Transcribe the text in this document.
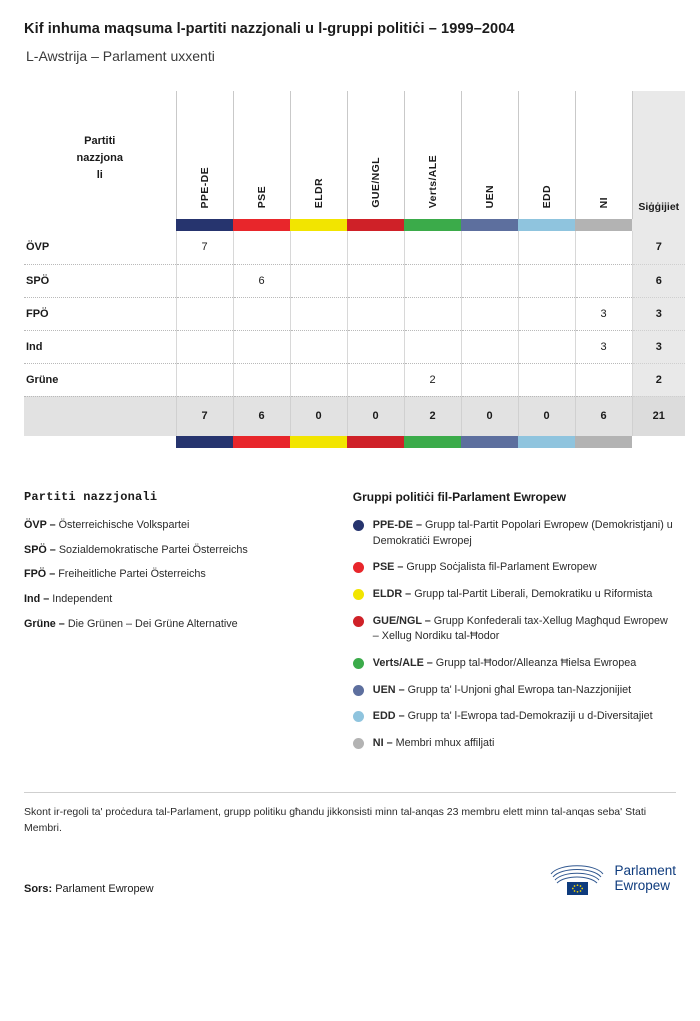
Kif inhuma maqsuma l-partiti nazzjonali u l-gruppi politiċi – 1999–2004
L-Awstrija – Parlament uxxenti
Partiti
nazzjona
li	PPE-DE	PSE	ELDR	GUE/NGL	Verts/ALE	UEN	EDD	NI	Siġġijiet

ÖVP	7								7
SPÖ		6							6
FPÖ								3	3
Ind								3	3
Grüne					2				2
	7	6	0	0	2	0	0	6	21

Partiti nazzjonali
ÖVP – Österreichische Volkspartei
SPÖ – Sozialdemokratische Partei Österreichs
FPÖ – Freiheitliche Partei Österreichs
Ind – Independent
Grüne – Die Grünen – Dei Grüne Alternative
Gruppi politiċi fil-Parlament Ewropew
PPE-DE – Grupp tal-Partit Popolari Ewropew (Demokristjani) u Demokratiċi Ewropej
PSE – Grupp Soċjalista fil-Parlament Ewropew
ELDR – Grupp tal-Partit Liberali, Demokratiku u Riformista
GUE/NGL – Grupp Konfederali tax-Xellug Magħqud Ewropew – Xellug Nordiku tal-Ħodor
Verts/ALE – Grupp tal-Ħodor/Alleanza Ħielsa Ewropea
UEN – Grupp ta' l-Unjoni għal Ewropa tan-Nazzjonijiet
EDD – Grupp ta' l-Ewropa tad-Demokraziji u d-Diversitajiet
NI – Membri mhux affiljati
Skont ir-regoli ta' proċedura tal-Parlament, grupp politiku għandu jikkonsisti minn tal-anqas 23 membru elett minn tal-anqas seba' Stati Membri.
Sors: Parlament Ewropew
Parlament
Ewropew
